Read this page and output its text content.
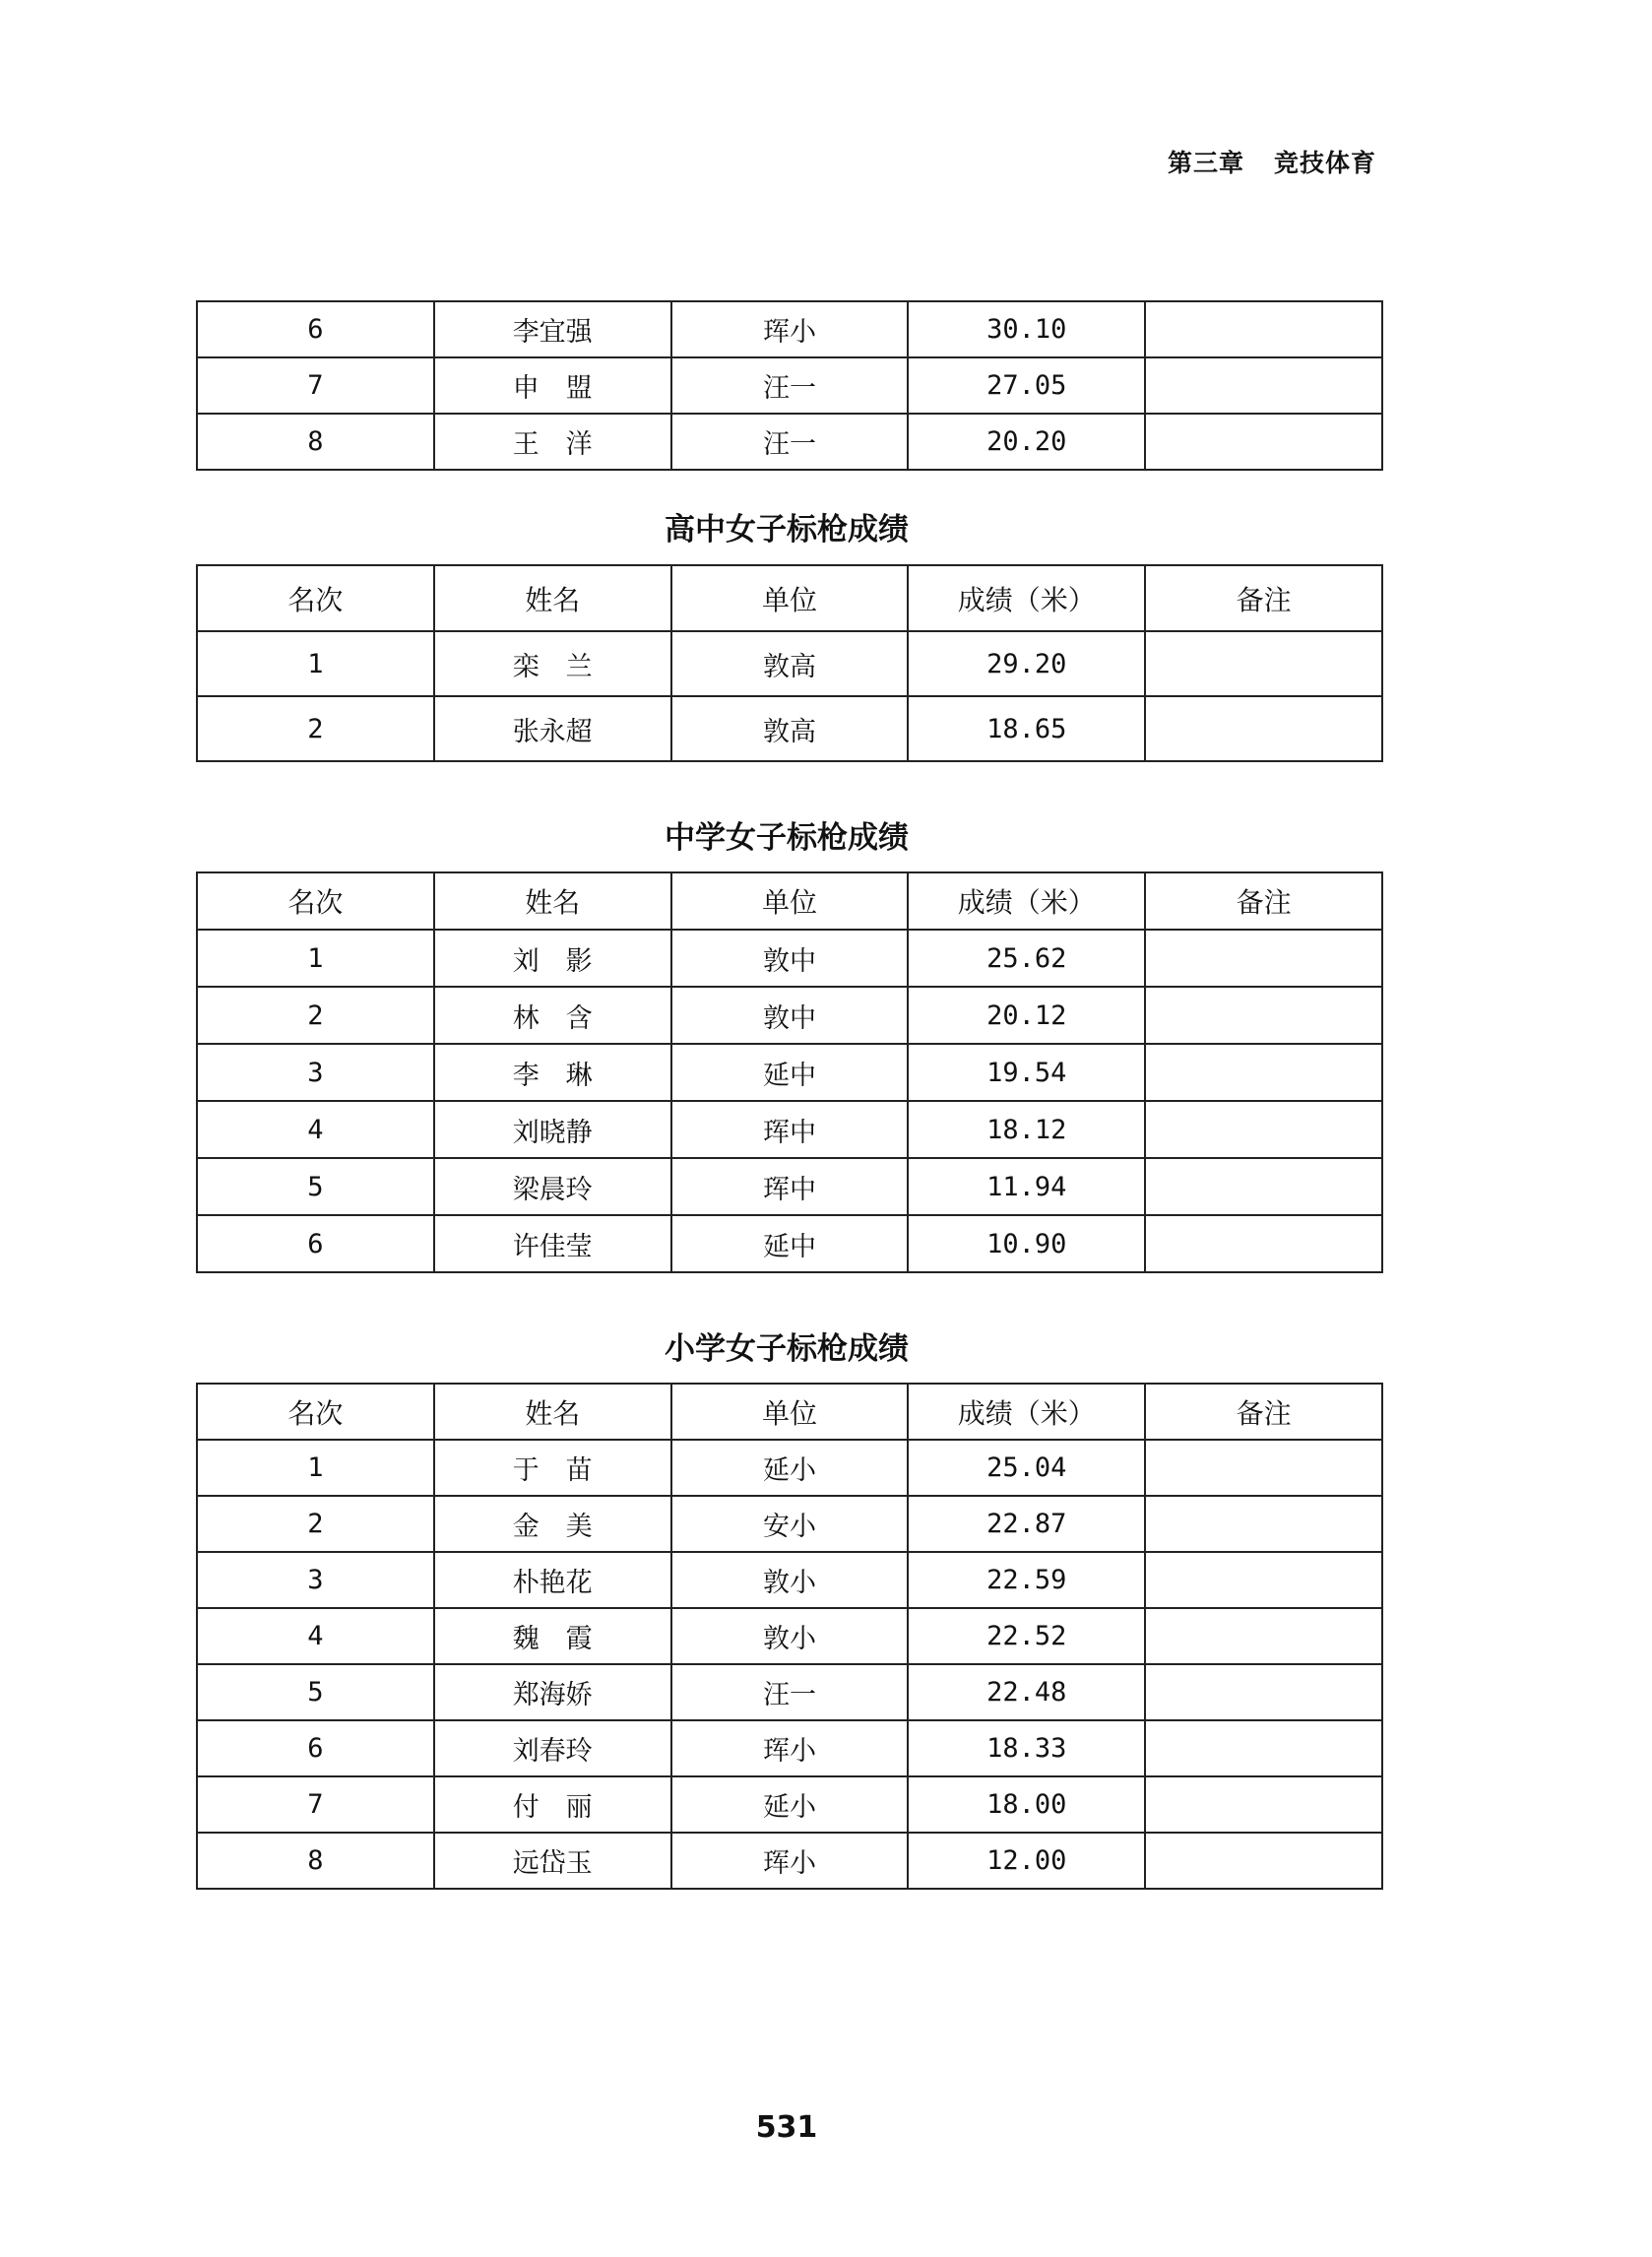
第三章 竞技体育
6	李宜强	珲小	30.10	
7	申　盟	汪一	27.05	
8	王　洋	汪一	20.20	
高中女子标枪成绩
名次	姓名	单位	成绩（米）	备注
1	栾　兰	敦高	29.20	
2	张永超	敦高	18.65	
中学女子标枪成绩
名次	姓名	单位	成绩（米）	备注
1	刘　影	敦中	25.62	
2	林　含	敦中	20.12	
3	李　琳	延中	19.54	
4	刘晓静	珲中	18.12	
5	梁晨玲	珲中	11.94	
6	许佳莹	延中	10.90	
小学女子标枪成绩
名次	姓名	单位	成绩（米）	备注
1	于　苗	延小	25.04	
2	金　美	安小	22.87	
3	朴艳花	敦小	22.59	
4	魏　霞	敦小	22.52	
5	郑海娇	汪一	22.48	
6	刘春玲	珲小	18.33	
7	付　丽	延小	18.00	
8	远岱玉	珲小	12.00	
531
